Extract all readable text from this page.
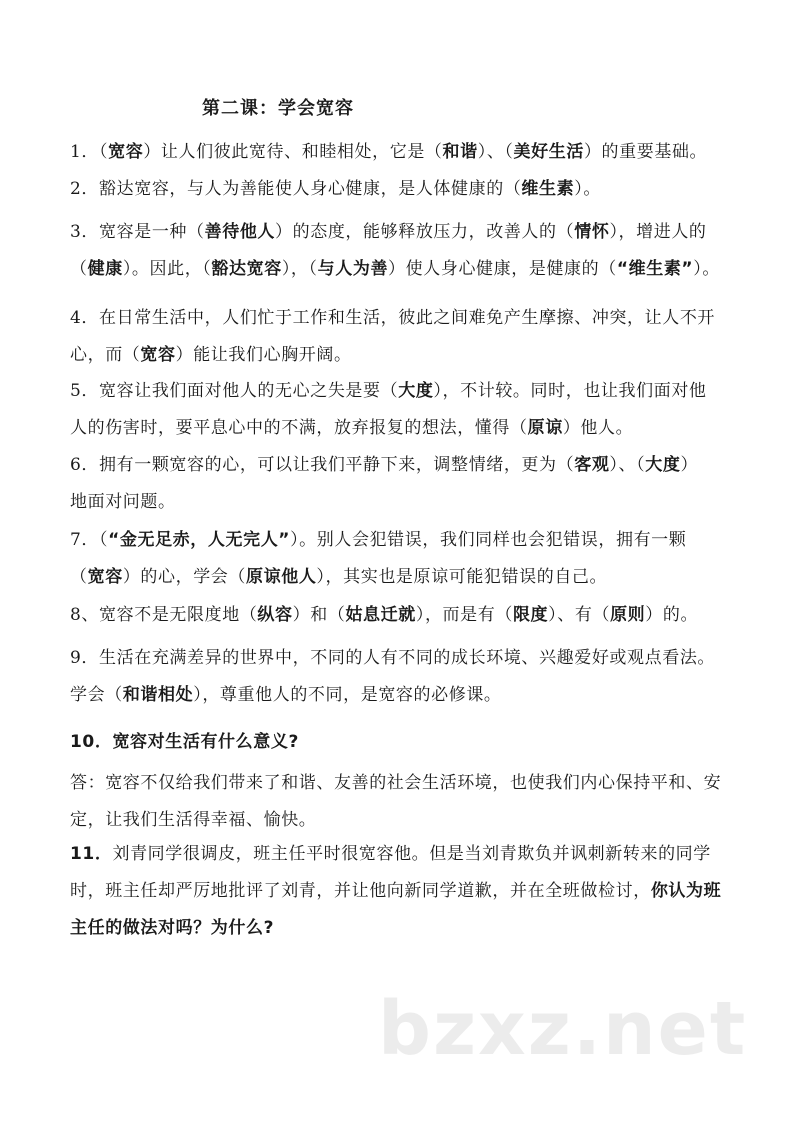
第二课：学会宽容
1．（宽容）让人们彼此宽待、和睦相处，它是（和谐）、（美好生活）的重要基础。
2．豁达宽容，与人为善能使人身心健康，是人体健康的（维生素）。
3．宽容是一种（善待他人）的态度，能够释放压力，改善人的（情怀），增进人的
（健康）。因此，（豁达宽容），（与人为善）使人身心健康，是健康的（“维生素”）。
4．在日常生活中，人们忙于工作和生活，彼此之间难免产生摩擦、冲突，让人不开
心，而（宽容）能让我们心胸开阔。
5．宽容让我们面对他人的无心之失是要（大度），不计较。同时，也让我们面对他
人的伤害时，要平息心中的不满，放弃报复的想法，懂得（原谅）他人。
6．拥有一颗宽容的心，可以让我们平静下来，调整情绪，更为（客观）、（大度）
地面对问题。
7．（“金无足赤，人无完人”）。别人会犯错误，我们同样也会犯错误，拥有一颗
（宽容）的心，学会（原谅他人），其实也是原谅可能犯错误的自己。
8、宽容不是无限度地（纵容）和（姑息迁就），而是有（限度）、有（原则）的。
9．生活在充满差异的世界中，不同的人有不同的成长环境、兴趣爱好或观点看法。
学会（和谐相处），尊重他人的不同，是宽容的必修课。
10．宽容对生活有什么意义?
答：宽容不仅给我们带来了和谐、友善的社会生活环境，也使我们内心保持平和、安
定，让我们生活得幸福、愉快。
11．刘青同学很调皮，班主任平时很宽容他。但是当刘青欺负并讽刺新转来的同学
时，班主任却严厉地批评了刘青，并让他向新同学道歉，并在全班做检讨，你认为班
主任的做法对吗？为什么?
bzxz.net
